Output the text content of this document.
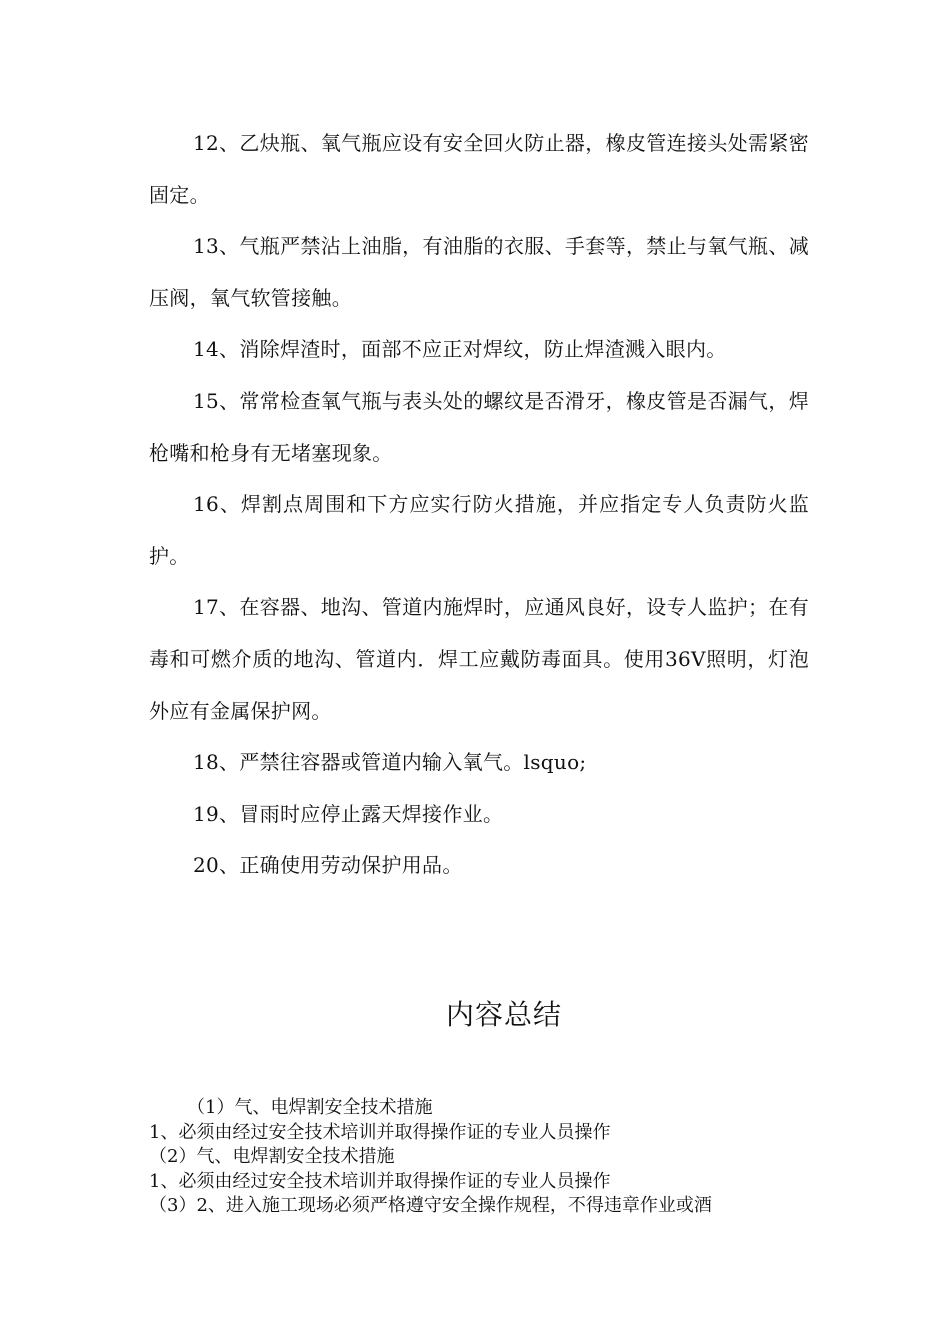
12、乙炔瓶、氧气瓶应设有安全回火防止器，橡皮管连接头处需紧密固定。

13、气瓶严禁沾上油脂，有油脂的衣服、手套等，禁止与氧气瓶、减压阀，氧气软管接触。

14、消除焊渣时，面部不应正对焊纹，防止焊渣溅入眼内。

15、常常检查氧气瓶与表头处的螺纹是否滑牙，橡皮管是否漏气，焊枪嘴和枪身有无堵塞现象。

16、焊割点周围和下方应实行防火措施，并应指定专人负责防火监护。

17、在容器、地沟、管道内施焊时，应通风良好，设专人监护；在有毒和可燃介质的地沟、管道内．焊工应戴防毒面具。使用36V照明，灯泡外应有金属保护网。

18、严禁往容器或管道内输入氧气。lsquo;

19、冒雨时应停止露天焊接作业。

20、正确使用劳动保护用品。

内容总结

（1）气、电焊割安全技术措施

1、必须由经过安全技术培训并取得操作证的专业人员操作

（2）气、电焊割安全技术措施

1、必须由经过安全技术培训并取得操作证的专业人员操作

（3）2、进入施工现场必须严格遵守安全操作规程，不得违章作业或酒
